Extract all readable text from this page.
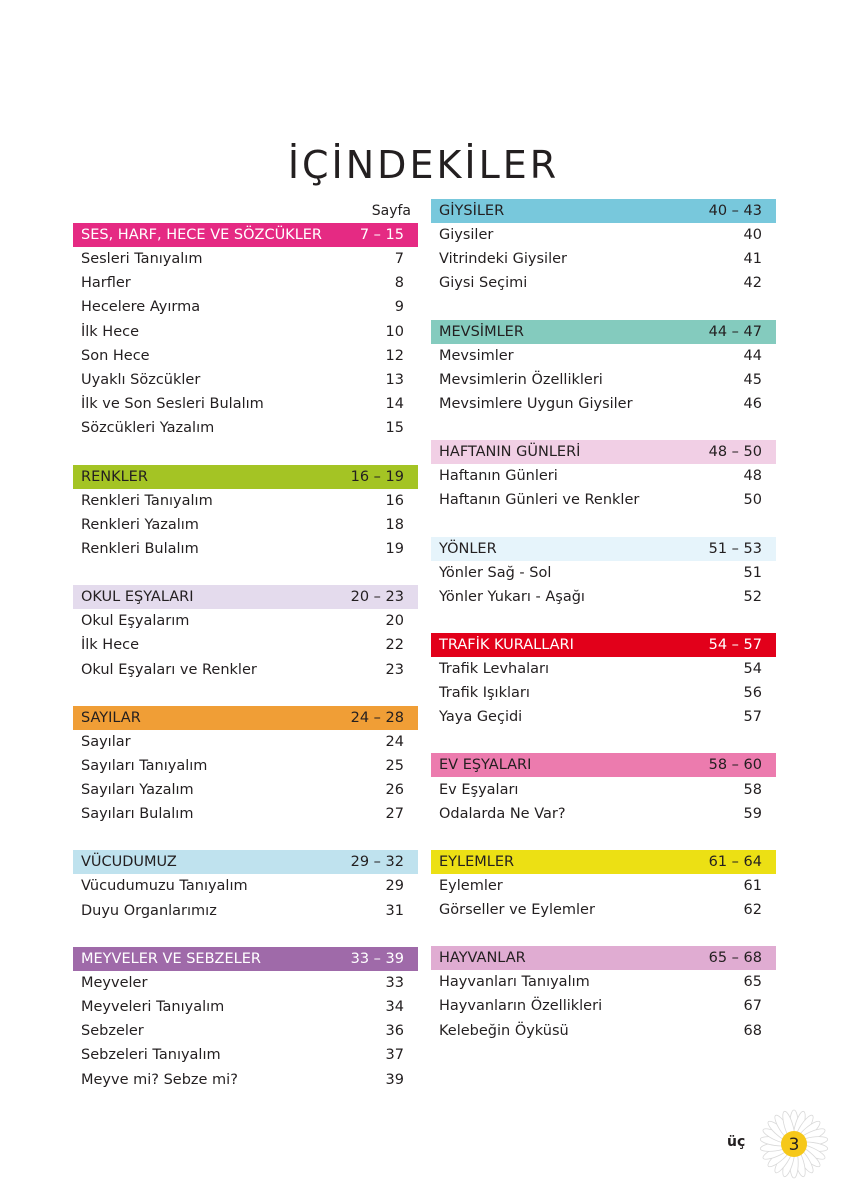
İÇİNDEKİLER
Sayfa
SES, HARF, HECE VE SÖZCÜKLER	7 – 15
Sesleri Tanıyalım	7
Harfler	8
Hecelere Ayırma	9
İlk Hece	10
Son Hece	12
Uyaklı Sözcükler	13
İlk ve Son Sesleri Bulalım	14
Sözcükleri Yazalım	15
RENKLER	16 – 19
Renkleri Tanıyalım	16
Renkleri Yazalım	18
Renkleri Bulalım	19
OKUL EŞYALARI	20 – 23
Okul Eşyalarım	20
İlk Hece	22
Okul Eşyaları ve Renkler	23
SAYILAR	24 – 28
Sayılar	24
Sayıları Tanıyalım	25
Sayıları Yazalım	26
Sayıları Bulalım	27
VÜCUDUMUZ	29 – 32
Vücudumuzu Tanıyalım	29
Duyu Organlarımız	31
MEYVELER VE SEBZELER	33 – 39
Meyveler	33
Meyveleri Tanıyalım	34
Sebzeler	36
Sebzeleri Tanıyalım	37
Meyve mi? Sebze mi?	39
GİYSİLER	40 – 43
Giysiler	40
Vitrindeki Giysiler	41
Giysi Seçimi	42
MEVSİMLER	44 – 47
Mevsimler	44
Mevsimlerin Özellikleri	45
Mevsimlere Uygun Giysiler	46
HAFTANIN GÜNLERİ	48 – 50
Haftanın Günleri	48
Haftanın Günleri ve Renkler	50
YÖNLER	51 – 53
Yönler Sağ - Sol	51
Yönler Yukarı - Aşağı	52
TRAFİK KURALLARI	54 – 57
Trafik Levhaları	54
Trafik Işıkları	56
Yaya Geçidi	57
EV EŞYALARI	58 – 60
Ev Eşyaları	58
Odalarda Ne Var?	59
EYLEMLER	61 – 64
Eylemler	61
Görseller ve Eylemler	62
HAYVANLAR	65 – 68
Hayvanları Tanıyalım	65
Hayvanların Özellikleri	67
Kelebeğin Öyküsü	68
üç	3
